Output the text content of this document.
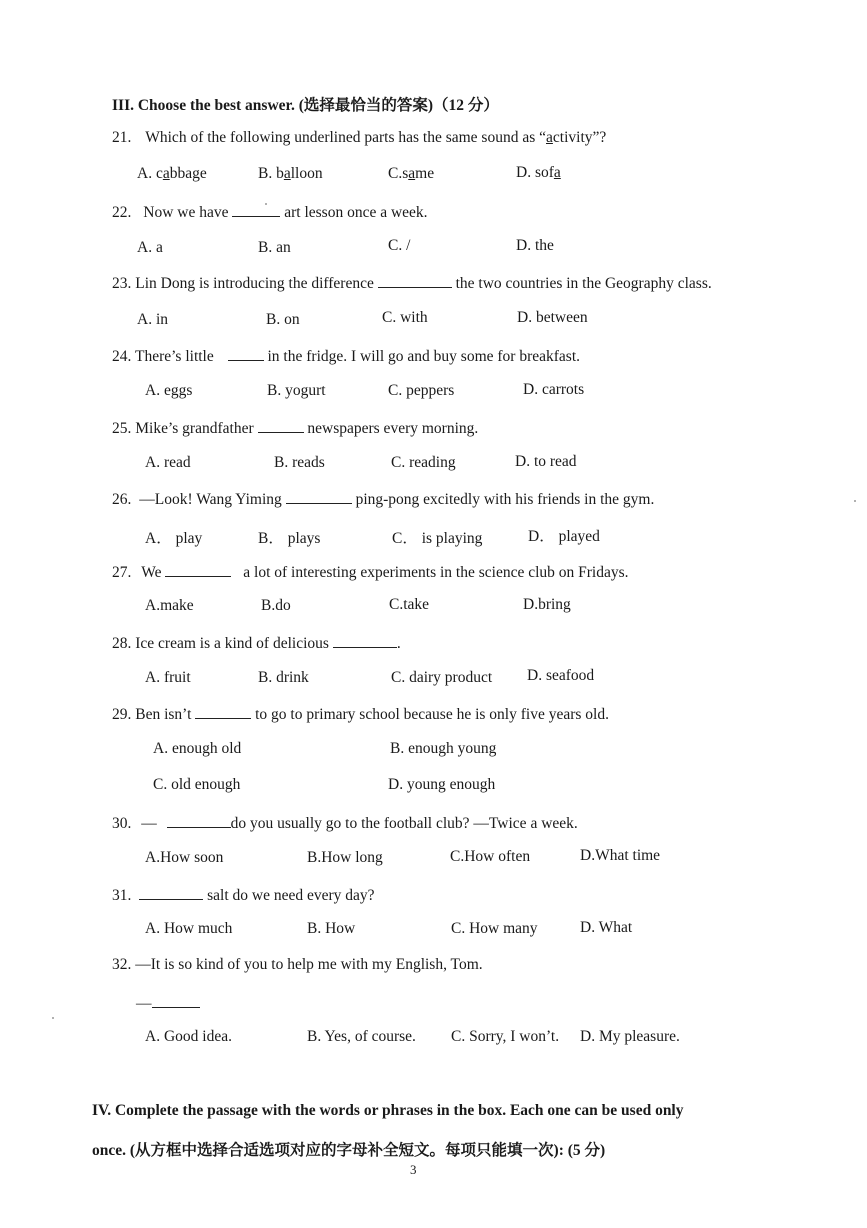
III. Choose the best answer. (选择最恰当的答案)（12 分）
21. Which of the following underlined parts has the same sound as “activity”?
A. cabbage	B. balloon	C.same	D. sofa
22. Now we have	art lesson once a week.
A. a	B. an	C. /	D. the
23. Lin Dong is introducing the difference	the two countries in the Geography class.
A. in	B. on	C. with	D. between
24. There’s little	in the fridge. I will go and buy some for breakfast.
A. eggs	B. yogurt	C. peppers	D. carrots
25. Mike’s grandfather	newspapers every morning.
A. read	B. reads	C. reading	D. to read
26. —Look! Wang Yiming	ping-pong excitedly with his friends in the gym.
A． play	B． plays	C． is playing	D． played
27. We	a lot of interesting experiments in the science club on Fridays.
A.make	B.do	C.take	D.bring
28. Ice cream is a kind of delicious	.
A. fruit	B. drink	C. dairy product D. seafood
29. Ben isn’t	to go to primary school because he is only five years old.
A. enough old	B. enough young
C. old enough	D. young enough
30. —	do you usually go to the football club? —Twice a week.
A.How soon	B.How long	C.How often	D.What time
31.	salt do we need every day?
A. How much	B. How	C. How many	D. What
32. —It is so kind of you to help me with my English, Tom.
—
A. Good idea.	B. Yes, of course. C. Sorry, I won’t. D. My pleasure.
IV. Complete the passage with the words or phrases in the box. Each one can be used only
once. (从方框中选择合适选项对应的字母补全短文。每项只能填一次): (5 分)
3
